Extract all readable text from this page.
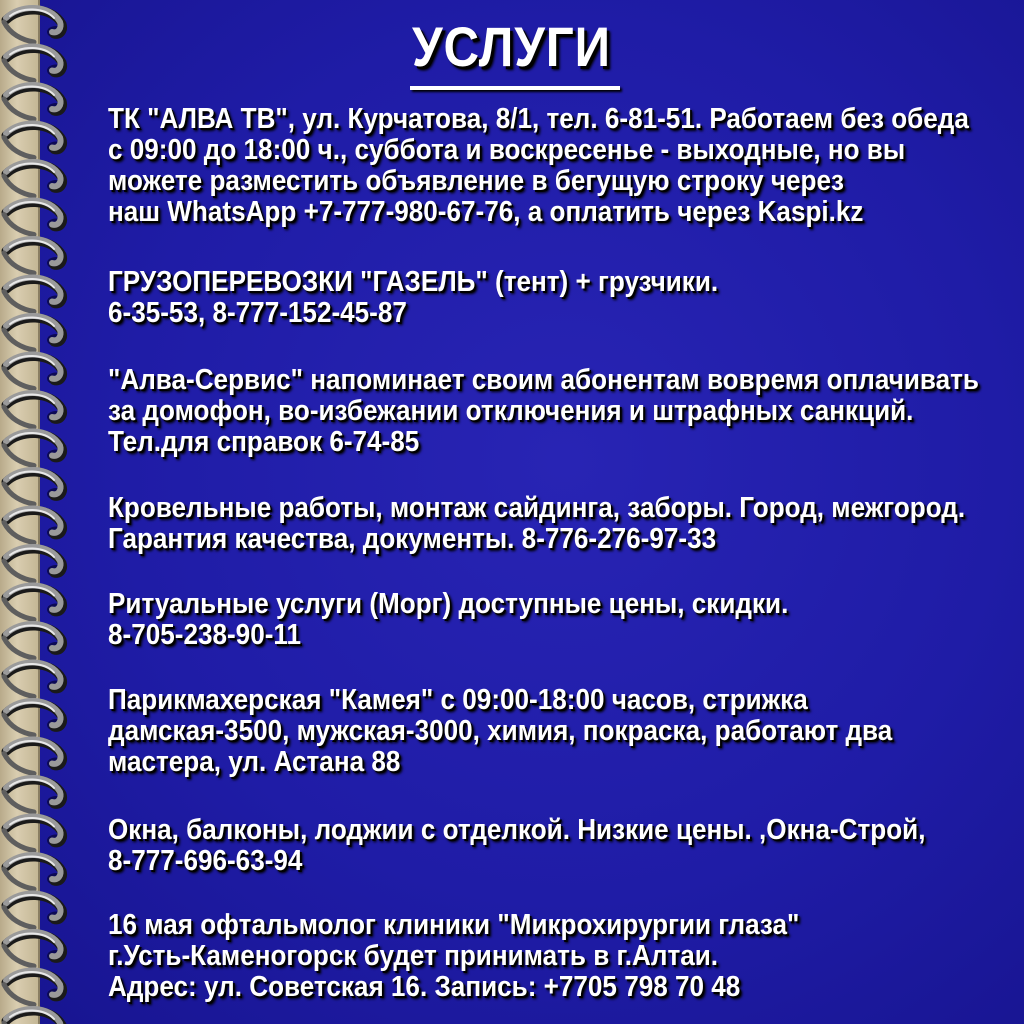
УСЛУГИ
ТК "АЛВА ТВ", ул. Курчатова, 8/1, тел. 6-81-51. Работаем без обеда
с 09:00 до 18:00 ч., суббота и воскресенье - выходные, но вы
можете разместить объявление в бегущую строку через
наш WhatsApp +7-777-980-67-76, а оплатить через Kaspi.kz
ГРУЗОПЕРЕВОЗКИ "ГАЗЕЛЬ" (тент) + грузчики.
6-35-53, 8-777-152-45-87
"Алва-Сервис" напоминает своим абонентам вовремя оплачивать
за домофон, во-избежании отключения и штрафных санкций.
Тел.для справок 6-74-85
Кровельные работы, монтаж сайдинга, заборы. Город, межгород.
Гарантия качества, документы. 8-776-276-97-33
Ритуальные услуги (Морг) доступные цены, скидки.
8-705-238-90-11
Парикмахерская "Камея" с 09:00-18:00 часов, стрижка
дамская-3500, мужская-3000, химия, покраска, работают два
мастера, ул. Астана 88
Окна, балконы, лоджии с отделкой. Низкие цены. ,Окна-Строй,
8-777-696-63-94
16 мая офтальмолог клиники "Микрохирургии глаза"
г.Усть-Каменогорск будет принимать в г.Алтаи.
Адрес: ул. Советская 16. Запись: +7705 798 70 48
